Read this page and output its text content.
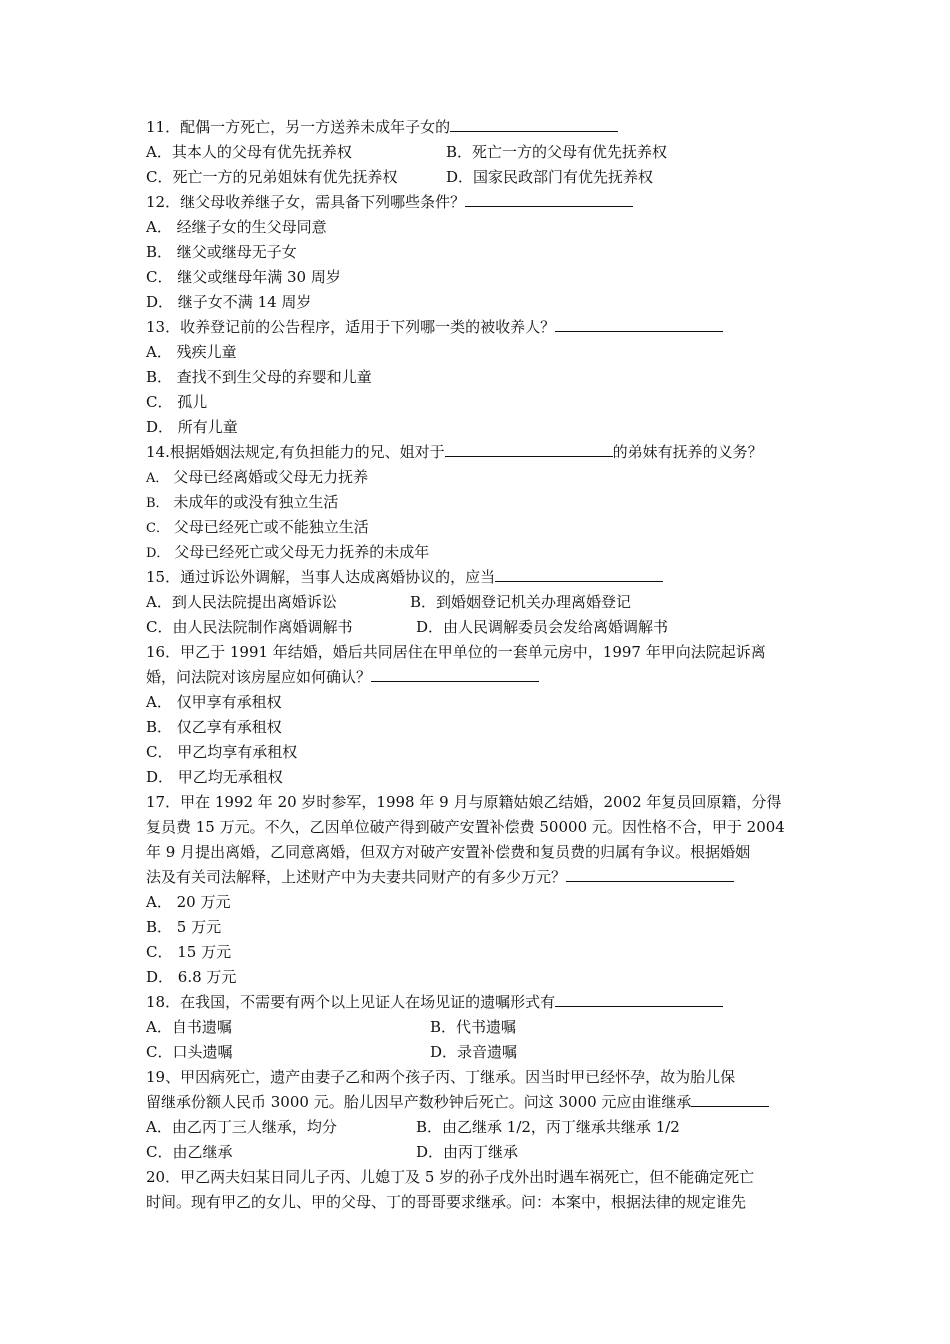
11．配偶一方死亡，另一方送养未成年子女的
A．其本人的父母有优先抚养权	B．死亡一方的父母有优先抚养权
C．死亡一方的兄弟姐妹有优先抚养权	D．国家民政部门有优先抚养权
12．继父母收养继子女，需具备下列哪些条件？
A． 经继子女的生父母同意
B． 继父或继母无子女
C． 继父或继母年满 30 周岁
D． 继子女不满 14 周岁
13．收养登记前的公告程序，适用于下列哪一类的被收养人？
A． 残疾儿童
B． 查找不到生父母的弃婴和儿童
C． 孤儿
D． 所有儿童
14.根据婚姻法规定,有负担能力的兄、姐对于	的弟妹有抚养的义务？
A． 父母已经离婚或父母无力抚养
B． 未成年的或没有独立生活
C． 父母已经死亡或不能独立生活
D． 父母已经死亡或父母无力抚养的未成年
15．通过诉讼外调解，当事人达成离婚协议的，应当
A．到人民法院提出离婚诉讼	B．到婚姻登记机关办理离婚登记
C．由人民法院制作离婚调解书	D．由人民调解委员会发给离婚调解书
16．甲乙于 1991 年结婚，婚后共同居住在甲单位的一套单元房中，1997 年甲向法院起诉离
婚，问法院对该房屋应如何确认？
A． 仅甲享有承租权
B． 仅乙享有承租权
C． 甲乙均享有承租权
D． 甲乙均无承租权
17．甲在 1992 年 20 岁时参军，1998 年 9 月与原籍姑娘乙结婚，2002 年复员回原籍，分得
复员费 15 万元。不久，乙因单位破产得到破产安置补偿费 50000 元。因性格不合，甲于 2004
年 9 月提出离婚，乙同意离婚，但双方对破产安置补偿费和复员费的归属有争议。根据婚姻
法及有关司法解释，上述财产中为夫妻共同财产的有多少万元？
A． 20 万元
B． 5 万元
C． 15 万元
D． 6.8 万元
18．在我国，不需要有两个以上见证人在场见证的遗嘱形式有
A．自书遗嘱	B．代书遗嘱
C．口头遗嘱	D．录音遗嘱
19、甲因病死亡，遗产由妻子乙和两个孩子丙、丁继承。因当时甲已经怀孕，故为胎儿保
留继承份额人民币 3000 元。胎儿因早产数秒钟后死亡。问这 3000 元应由谁继承
A．由乙丙丁三人继承，均分	B．由乙继承 1/2，丙丁继承共继承 1/2
C．由乙继承	D．由丙丁继承
20．甲乙两夫妇某日同儿子丙、儿媳丁及 5 岁的孙子戊外出时遇车祸死亡，但不能确定死亡
时间。现有甲乙的女儿、甲的父母、丁的哥哥要求继承。问：本案中，根据法律的规定谁先
